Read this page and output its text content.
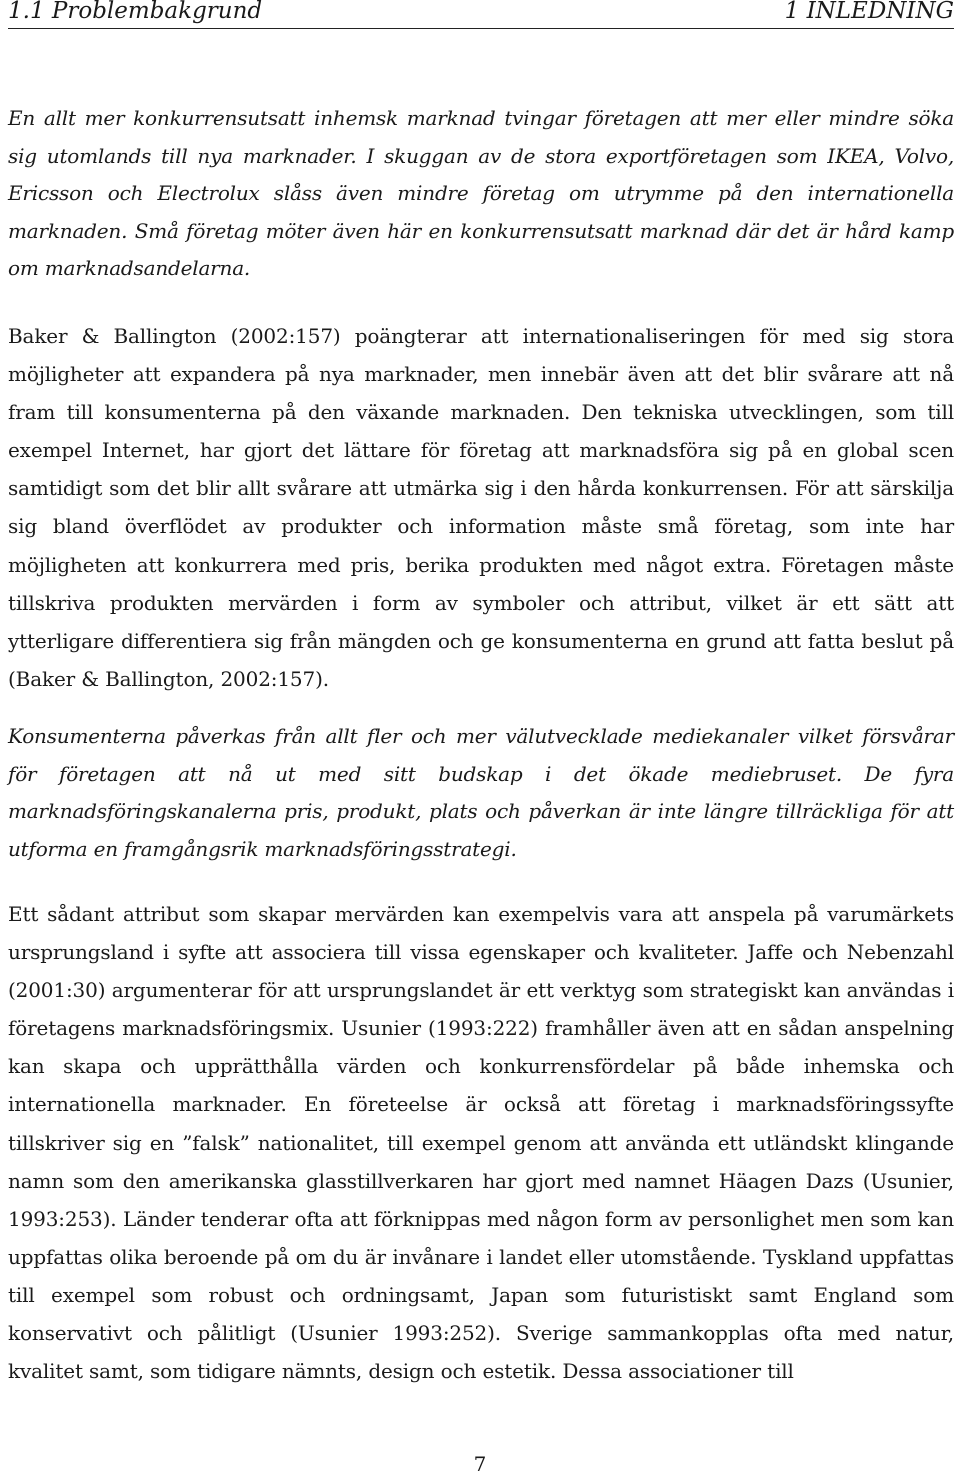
1.1 Problembakgrund	1 INLEDNING

En allt mer konkurrensutsatt inhemsk marknad tvingar företagen att mer eller mindre söka sig utomlands till nya marknader. I skuggan av de stora exportföretagen som IKEA, Volvo, Ericsson och Electrolux slåss även mindre företag om utrymme på den internationella marknaden. Små företag möter även här en konkurrensutsatt marknad där det är hård kamp om marknadsandelarna.

Baker & Ballington (2002:157) poängterar att internationaliseringen för med sig stora möjligheter att expandera på nya marknader, men innebär även att det blir svårare att nå fram till konsumenterna på den växande marknaden. Den tekniska utvecklingen, som till exempel Internet, har gjort det lättare för företag att marknadsföra sig på en global scen samtidigt som det blir allt svårare att utmärka sig i den hårda konkurrensen. För att särskilja sig bland överflödet av produkter och information måste små företag, som inte har möjligheten att konkurrera med pris, berika produkten med något extra. Företagen måste tillskriva produkten mervärden i form av symboler och attribut, vilket är ett sätt att ytterligare differentiera sig från mängden och ge konsumenterna en grund att fatta beslut på (Baker & Ballington, 2002:157).

Konsumenterna påverkas från allt fler och mer välutvecklade mediekanaler vilket försvårar för företagen att nå ut med sitt budskap i det ökade mediebruset. De fyra marknadsföringskanalerna pris, produkt, plats och påverkan är inte längre tillräckliga för att utforma en framgångsrik marknadsföringsstrategi.

Ett sådant attribut som skapar mervärden kan exempelvis vara att anspela på varumärkets ursprungsland i syfte att associera till vissa egenskaper och kvaliteter. Jaffe och Nebenzahl (2001:30) argumenterar för att ursprungslandet är ett verktyg som strategiskt kan användas i företagens marknadsföringsmix. Usunier (1993:222) framhåller även att en sådan anspelning kan skapa och upprätthålla värden och konkurrensfördelar på både inhemska och internationella marknader. En företeelse är också att företag i marknadsföringssyfte tillskriver sig en ”falsk” nationalitet, till exempel genom att använda ett utländskt klingande namn som den amerikanska glasstillverkaren har gjort med namnet Häagen Dazs (Usunier, 1993:253). Länder tenderar ofta att förknippas med någon form av personlighet men som kan uppfattas olika beroende på om du är invånare i landet eller utomstående. Tyskland uppfattas till exempel som robust och ordningsamt, Japan som futuristiskt samt England som konservativt och pålitligt (Usunier 1993:252). Sverige sammankopplas ofta med natur, kvalitet samt, som tidigare nämnts, design och estetik. Dessa associationer till

7
